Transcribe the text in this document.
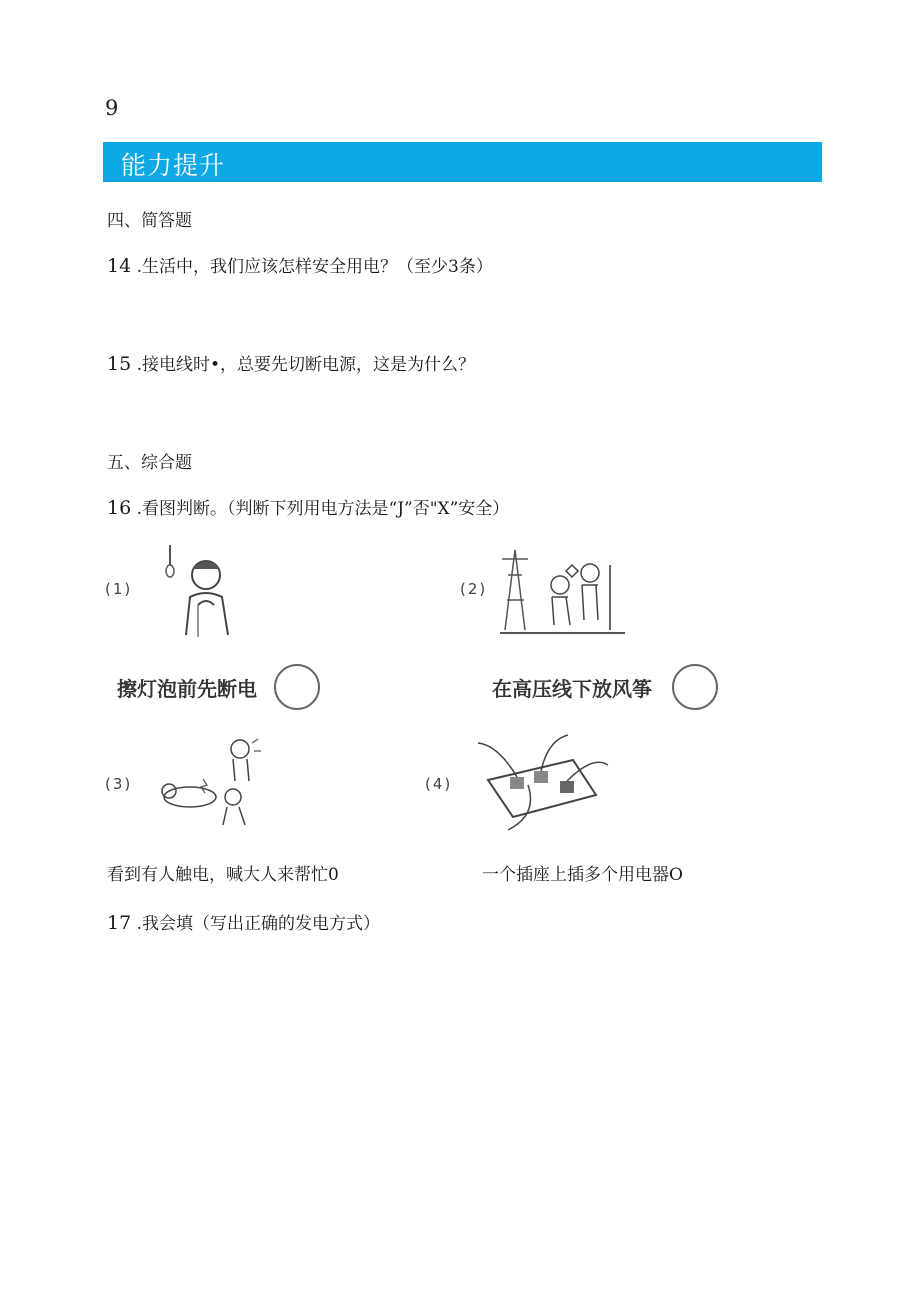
9
能力提升
四、简答题
14 .生活中，我们应该怎样安全用电？（至少3条）
15 .接电线时•，总要先切断电源，这是为什么？
五、综合题
16 .看图判断。（判断下列用电方法是“J”否"X”安全）
(1)
擦灯泡前先断电
(2)
在高压线下放风筝
(3)
看到有人触电，喊大人来帮忙0
(4)
一个插座上插多个用电器O
17 .我会填（写出正确的发电方式）
